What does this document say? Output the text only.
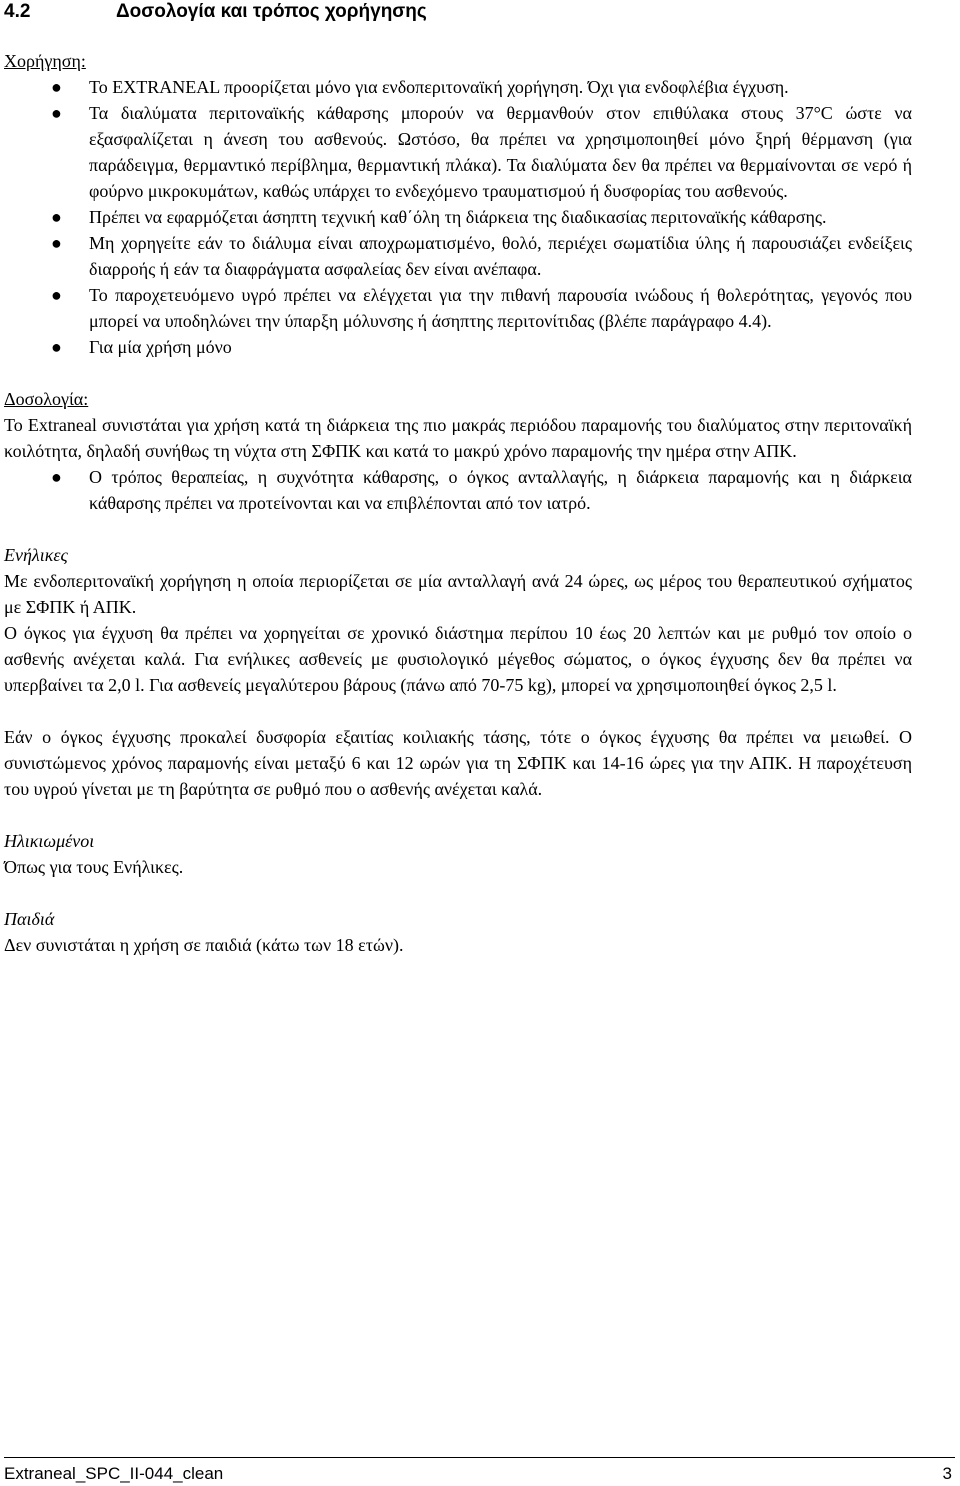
4.2	Δοσολογία και τρόπος χορήγησης

Χορήγηση:

● Το EXTRANEAL προορίζεται μόνο για ενδοπεριτοναϊκή χορήγηση. Όχι για ενδοφλέβια έγχυση.
● Τα διαλύματα περιτοναϊκής κάθαρσης μπορούν να θερμανθούν στον επιθύλακα στους 37°C ώστε να εξασφαλίζεται η άνεση του ασθενούς. Ωστόσο, θα πρέπει να χρησιμοποιηθεί μόνο ξηρή θέρμανση (για παράδειγμα, θερμαντικό περίβλημα, θερμαντική πλάκα). Τα διαλύματα δεν θα πρέπει να θερμαίνονται σε νερό ή φούρνο μικροκυμάτων, καθώς υπάρχει το ενδεχόμενο τραυματισμού ή δυσφορίας του ασθενούς.
● Πρέπει να εφαρμόζεται άσηπτη τεχνική καθ΄όλη τη διάρκεια της διαδικασίας περιτοναϊκής κάθαρσης.
● Μη χορηγείτε εάν το διάλυμα είναι αποχρωματισμένο, θολό, περιέχει σωματίδια ύλης ή παρουσιάζει ενδείξεις διαρροής ή εάν τα διαφράγματα ασφαλείας δεν είναι ανέπαφα.
● Το παροχετευόμενο υγρό πρέπει να ελέγχεται για την πιθανή παρουσία ινώδους ή θολερότητας, γεγονός που μπορεί να υποδηλώνει την ύπαρξη μόλυνσης ή άσηπτης περιτονίτιδας (βλέπε παράγραφο 4.4).
● Για μία χρήση μόνο

Δοσολογία:

Το Extraneal συνιστάται για χρήση κατά τη διάρκεια της πιο μακράς περιόδου παραμονής του διαλύματος στην περιτοναϊκή κοιλότητα, δηλαδή συνήθως τη νύχτα στη ΣΦΠΚ και κατά το μακρύ χρόνο παραμονής την ημέρα στην ΑΠΚ.

● Ο τρόπος θεραπείας, η συχνότητα κάθαρσης, ο όγκος ανταλλαγής, η διάρκεια παραμονής και η διάρκεια κάθαρσης πρέπει να προτείνονται και να επιβλέπονται από τον ιατρό.

Ενήλικες

Με ενδοπεριτοναϊκή χορήγηση η οποία περιορίζεται σε μία ανταλλαγή ανά 24 ώρες, ως μέρος του θεραπευτικού σχήματος με ΣΦΠΚ ή ΑΠΚ.

Ο όγκος για έγχυση θα πρέπει να χορηγείται σε χρονικό διάστημα περίπου 10 έως 20 λεπτών και με ρυθμό τον οποίο ο ασθενής ανέχεται καλά. Για ενήλικες ασθενείς με φυσιολογικό μέγεθος σώματος, ο όγκος έγχυσης δεν θα πρέπει να υπερβαίνει τα 2,0 l. Για ασθενείς μεγαλύτερου βάρους (πάνω από 70-75 kg), μπορεί να χρησιμοποιηθεί όγκος 2,5 l.

Εάν ο όγκος έγχυσης προκαλεί δυσφορία εξαιτίας κοιλιακής τάσης, τότε ο όγκος έγχυσης θα πρέπει να μειωθεί. Ο συνιστώμενος χρόνος παραμονής είναι μεταξύ 6 και 12 ωρών για τη ΣΦΠΚ και 14-16 ώρες για την ΑΠΚ. Η παροχέτευση του υγρού γίνεται με τη βαρύτητα σε ρυθμό που ο ασθενής ανέχεται καλά.

Ηλικιωμένοι

Όπως για τους Ενήλικες.

Παιδιά

Δεν συνιστάται η χρήση σε παιδιά (κάτω των 18 ετών).

Extraneal_SPC_II-044_clean	3
